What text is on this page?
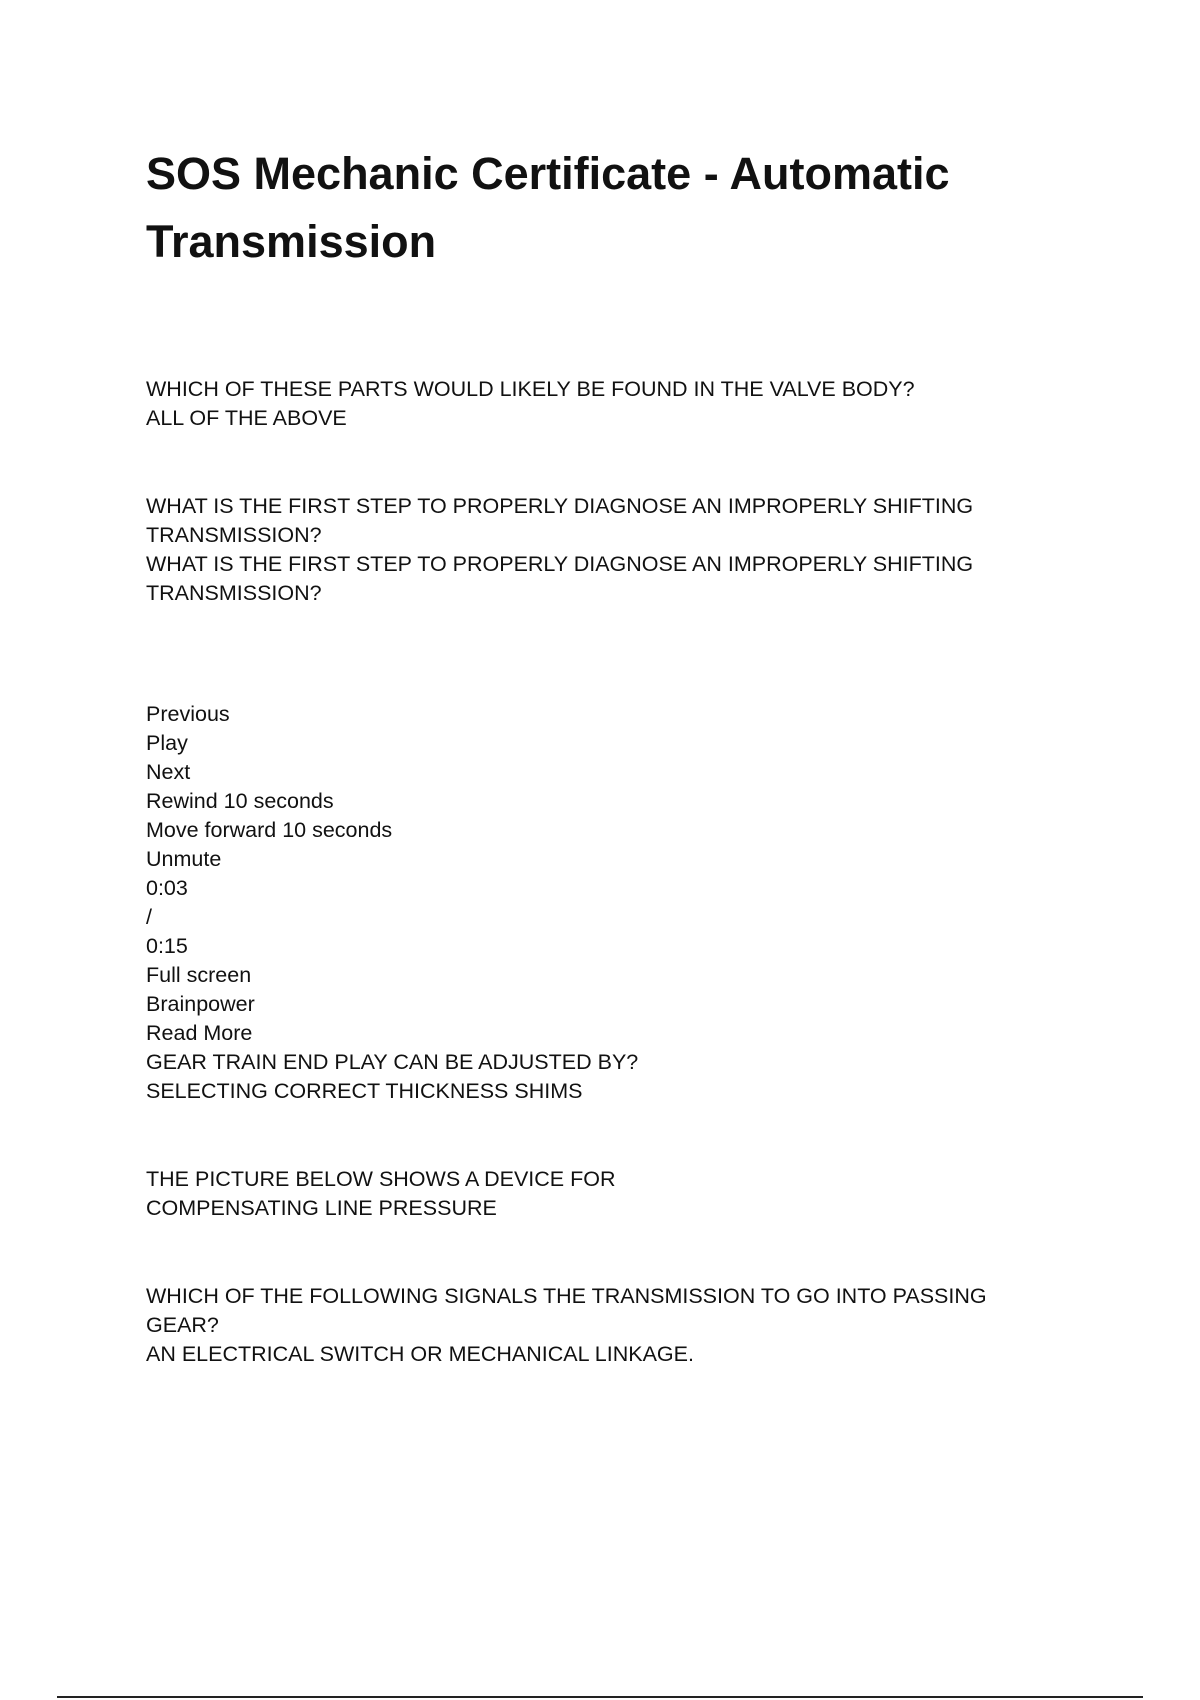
SOS Mechanic Certificate - Automatic Transmission
WHICH OF THESE PARTS WOULD LIKELY BE FOUND IN THE VALVE BODY?
ALL OF THE ABOVE
WHAT IS THE FIRST STEP TO PROPERLY DIAGNOSE AN IMPROPERLY SHIFTING TRANSMISSION?
WHAT IS THE FIRST STEP TO PROPERLY DIAGNOSE AN IMPROPERLY SHIFTING TRANSMISSION?
Previous
Play
Next
Rewind 10 seconds
Move forward 10 seconds
Unmute
0:03
/
0:15
Full screen
Brainpower
Read More
GEAR TRAIN END PLAY CAN BE ADJUSTED BY?
SELECTING CORRECT THICKNESS SHIMS
THE PICTURE BELOW SHOWS A DEVICE FOR
COMPENSATING LINE PRESSURE
WHICH OF THE FOLLOWING SIGNALS THE TRANSMISSION TO GO INTO PASSING GEAR?
AN ELECTRICAL SWITCH OR MECHANICAL LINKAGE.
